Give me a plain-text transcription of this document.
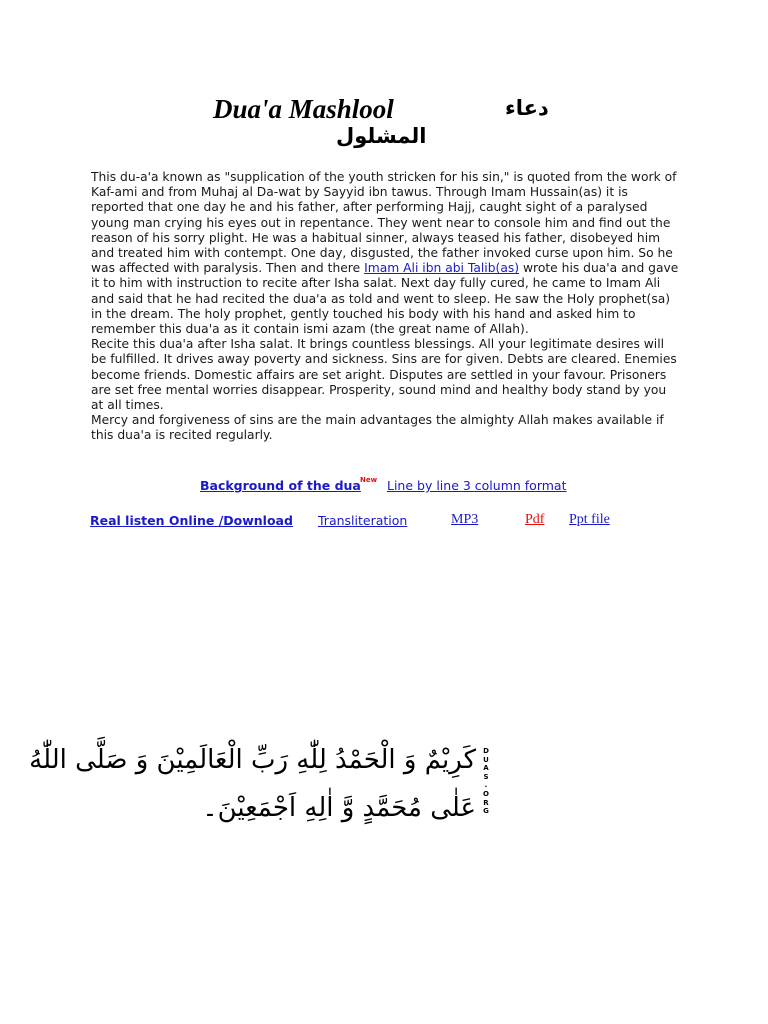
Dua'a Mashlool	دعاء
المشلول

This du-a'a known as "supplication of the youth stricken for his sin," is quoted from the work of Kaf-ami and from Muhaj al Da-wat by Sayyid ibn tawus. Through Imam Hussain(as) it is reported that one day he and his father, after performing Hajj, caught sight of a paralysed young man crying his eyes out in repentance. They went near to console him and find out the reason of his sorry plight. He was a habitual sinner, always teased his father, disobeyed him and treated him with contempt. One day, disgusted, the father invoked curse upon him. So he was affected with paralysis. Then and there Imam Ali ibn abi Talib(as) wrote his dua'a and gave it to him with instruction to recite after Isha salat. Next day fully cured, he came to Imam Ali and said that he had recited the dua'a as told and went to sleep. He saw the Holy prophet(sa) in the dream. The holy prophet, gently touched his body with his hand and asked him to remember this dua'a as it contain ismi azam (the great name of Allah).

Recite this dua'a after Isha salat. It brings countless blessings. All your legitimate desires will be fulfilled. It drives away poverty and sickness. Sins are for given. Debts are cleared. Enemies become friends. Domestic affairs are set aright. Disputes are settled in your favour. Prisoners are set free mental worries disappear. Prosperity, sound mind and healthy body stand by you at all times.

Mercy and forgiveness of sins are the main advantages the almighty Allah makes available if this dua'a is recited regularly.

Background of the dua New Line by line 3 column format
Real listen Online /Download Transliteration	MP3	Pdf Ppt file
كَرِيْمٌ وَ الْحَمْدُ لِلّٰهِ رَبِّ الْعَالَمِيْنَ وَ صَلَّى اللّٰهُ
عَلٰى مُحَمَّدٍ وَّ اٰلِهِ اَجْمَعِيْنَ۔
D
U
A
S
.
O
R
G
